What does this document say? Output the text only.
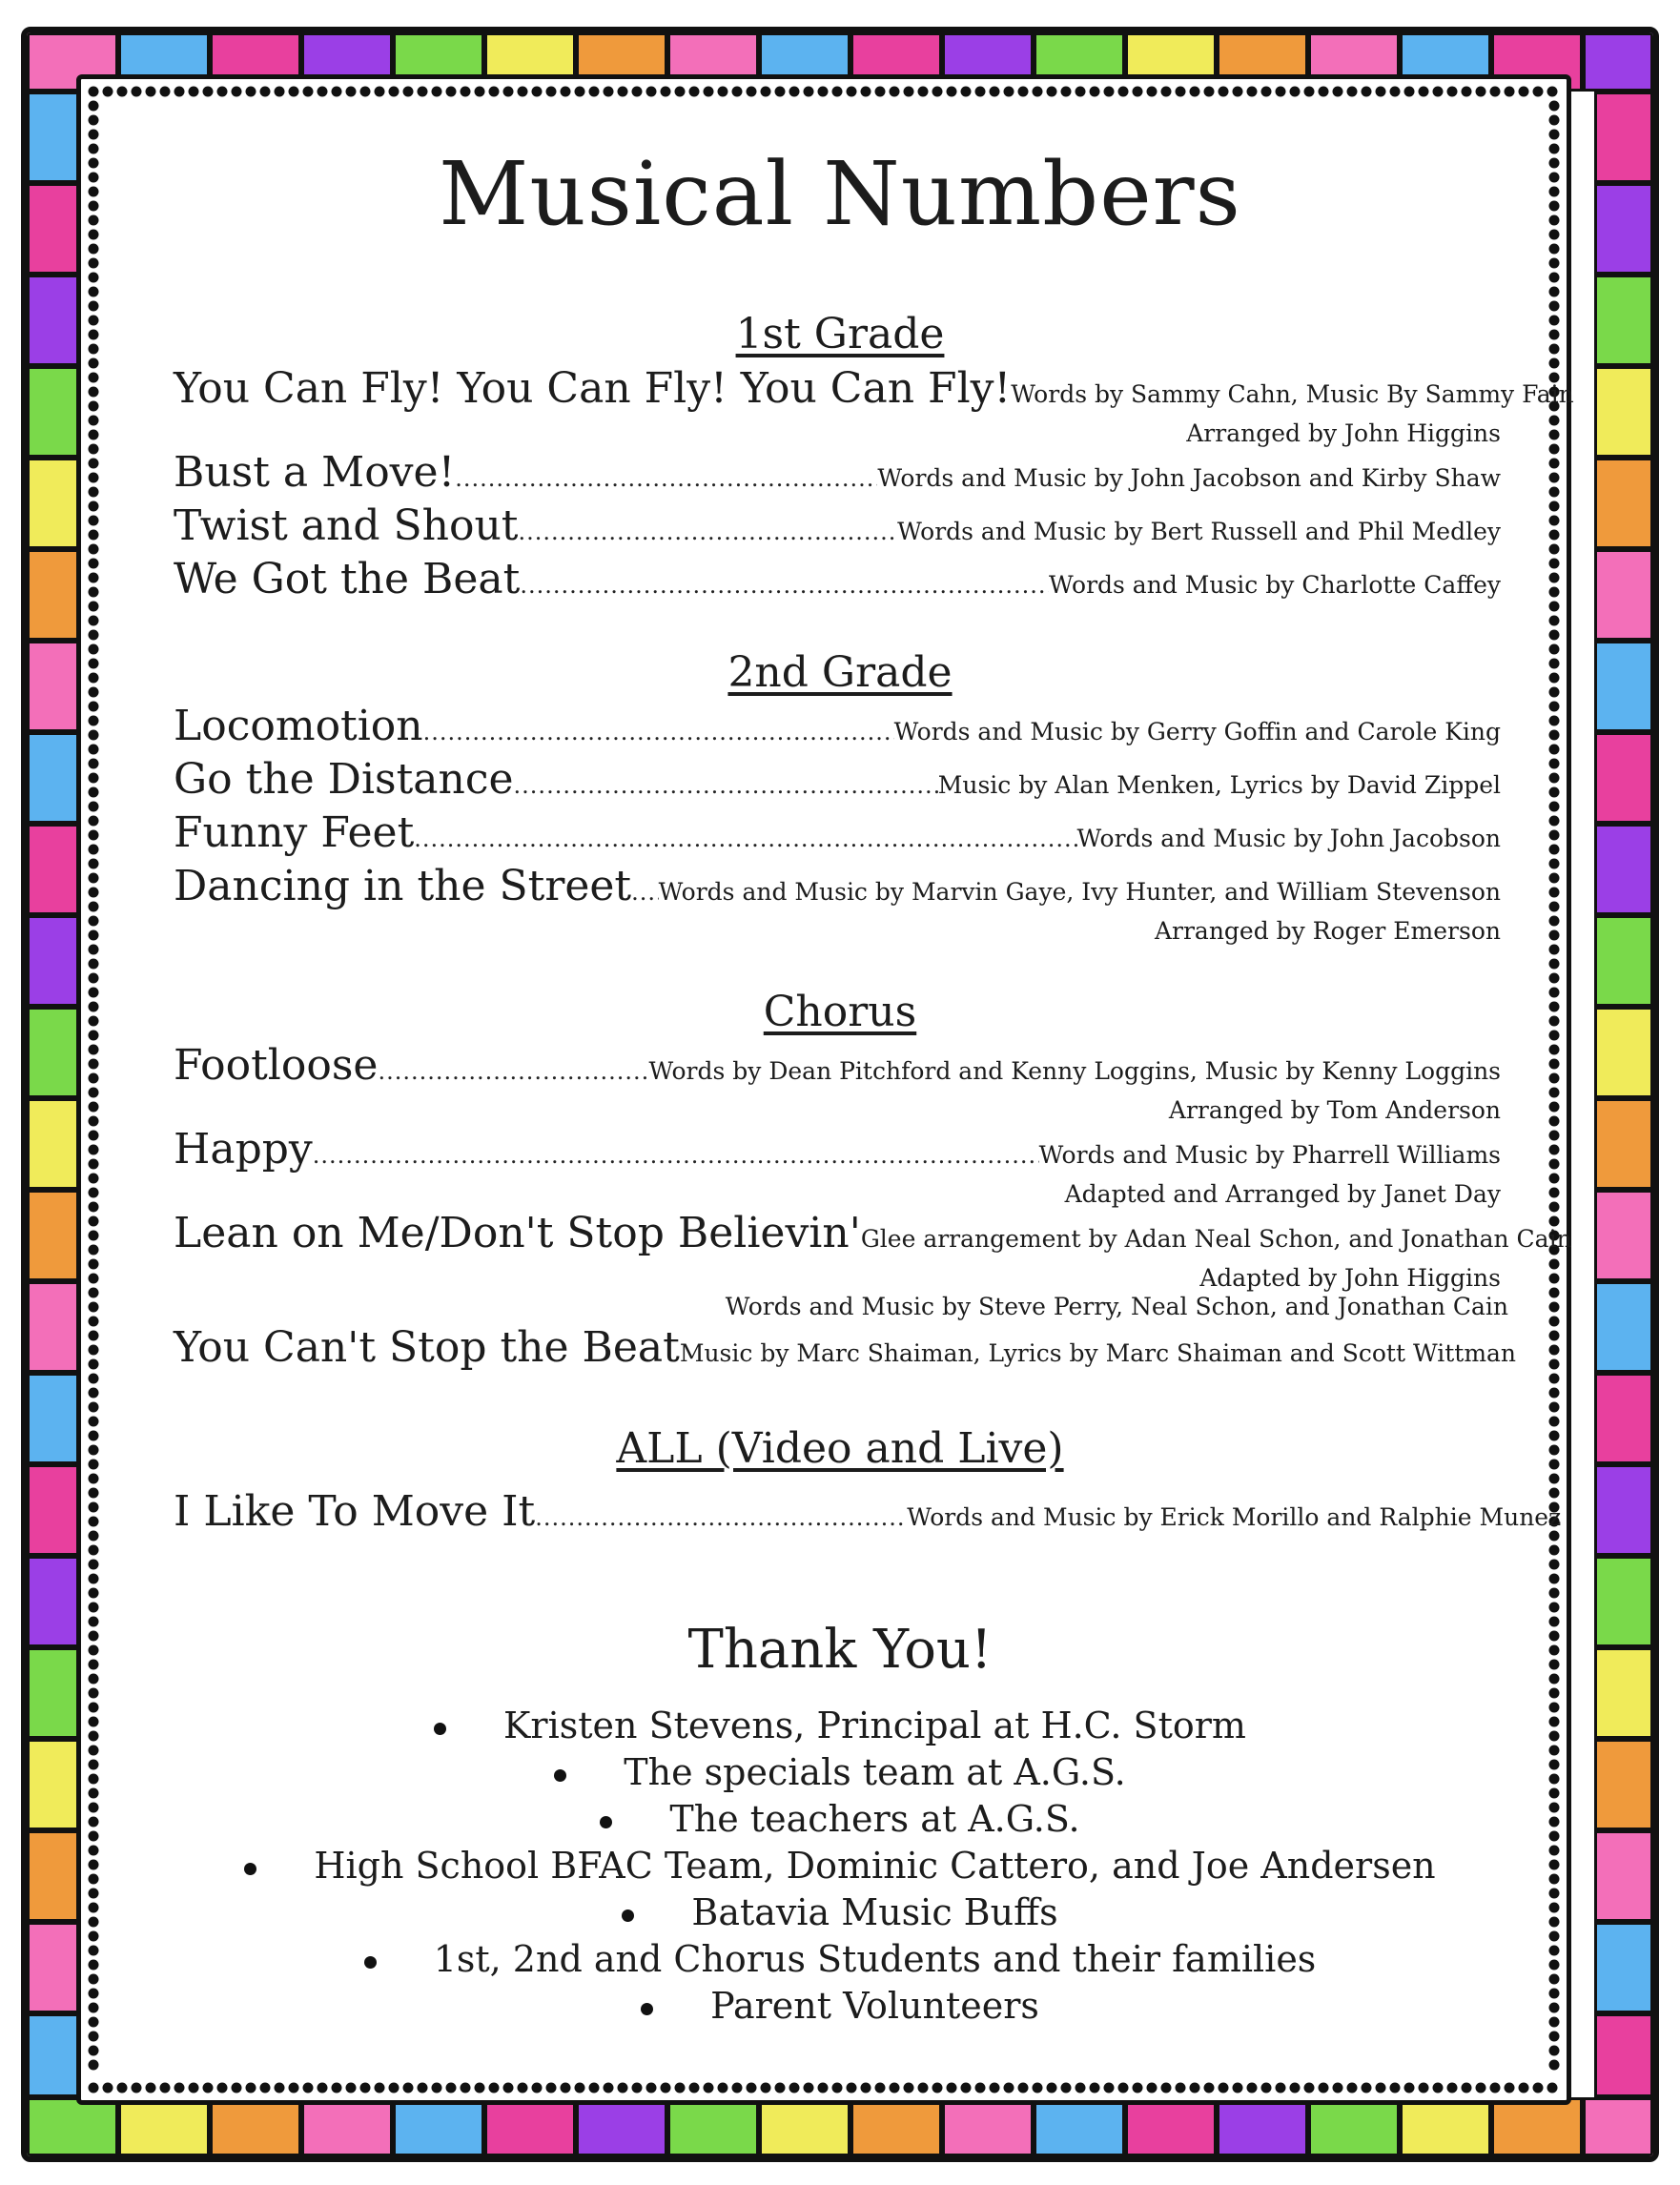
Musical Numbers
1st Grade
You Can Fly! You Can Fly! You Can Fly! Words by Sammy Cahn, Music By Sammy Fain
Arranged by John Higgins
Bust a Move! .....	Words and Music by John Jacobson and Kirby Shaw
Twist and Shout .....	Words and Music by Bert Russell and Phil Medley
We Got the Beat .....	Words and Music by Charlotte Caffey
2nd Grade
Locomotion .....	Words and Music by Gerry Goffin and Carole King
Go the Distance .....	Music by Alan Menken, Lyrics by David Zippel
Funny Feet .....	Words and Music by John Jacobson
Dancing in the Street ..... Words and Music by Marvin Gaye, Ivy Hunter, and William Stevenson
Arranged by Roger Emerson
Chorus
Footloose .....	Words by Dean Pitchford and Kenny Loggins, Music by Kenny Loggins
Arranged by Tom Anderson
Happy .....	Words and Music by Pharrell Williams
Adapted and Arranged by Janet Day
Lean on Me/Don't Stop Believin' Glee arrangement by Adan Neal Schon, and Jonathan Cain
Adapted by John Higgins
Words and Music by Steve Perry, Neal Schon, and Jonathan Cain
You Can't Stop the Beat Music by Marc Shaiman, Lyrics by Marc Shaiman and Scott Wittman
ALL (Video and Live)
I Like To Move It .....	Words and Music by Erick Morillo and Ralphie Munez
Thank You!
Kristen Stevens, Principal at H.C. Storm
The specials team at A.G.S.
The teachers at A.G.S.
High School BFAC Team, Dominic Cattero, and Joe Andersen
Batavia Music Buffs
1st, 2nd and Chorus Students and their families
Parent Volunteers
